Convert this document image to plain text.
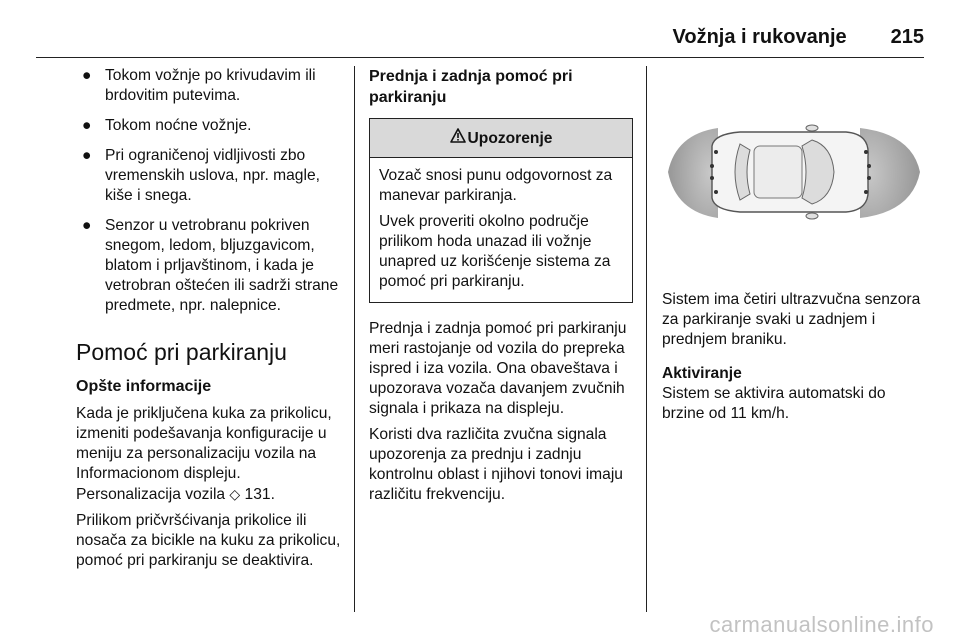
Vožnja i rukovanje 215
● Tokom vožnje po krivudavim ili brdovitim putevima.
● Tokom noćne vožnje.
● Pri ograničenoj vidljivosti zbo vremenskih uslova, npr. magle, kiše i snega.
● Senzor u vetrobranu pokriven snegom, ledom, bljuzgavicom, blatom i prljavštinom, i kada je vetrobran oštećen ili sadrži strane predmete, npr. nalepnice.
Pomoć pri parkiranju
Opšte informacije

Kada je priključena kuka za prikolicu, izmeniti podešavanja konfiguracije u meniju za personalizaciju vozila na Informacionom displeju.
Personalizacija vozila ◇ 131.

Prilikom pričvršćivanja prikolice ili nosača za bicikle na kuku za prikolicu, pomoć pri parkiranju se deaktivira.

Prednja i zadnja pomoć pri parkiranju
Upozorenje

Vozač snosi punu odgovornost za manevar parkiranja.

Uvek proveriti okolno područje prilikom hoda unazad ili vožnje unapred uz korišćenje sistema za pomoć pri parkiranju.

Prednja i zadnja pomoć pri parkiranju meri rastojanje od vozila do prepreka ispred i iza vozila. Ona obaveštava i upozorava vozača davanjem zvučnih signala i prikaza na displeju.

Koristi dva različita zvučna signala upozorenja za prednju i zadnju kontrolnu oblast i njihovi tonovi imaju različitu frekvenciju.

Sistem ima četiri ultrazvučna senzora za parkiranje svaki u zadnjem i prednjem braniku.

Aktiviranje

Sistem se aktivira automatski do brzine od 11 km/h.

carmanualsonline.info
